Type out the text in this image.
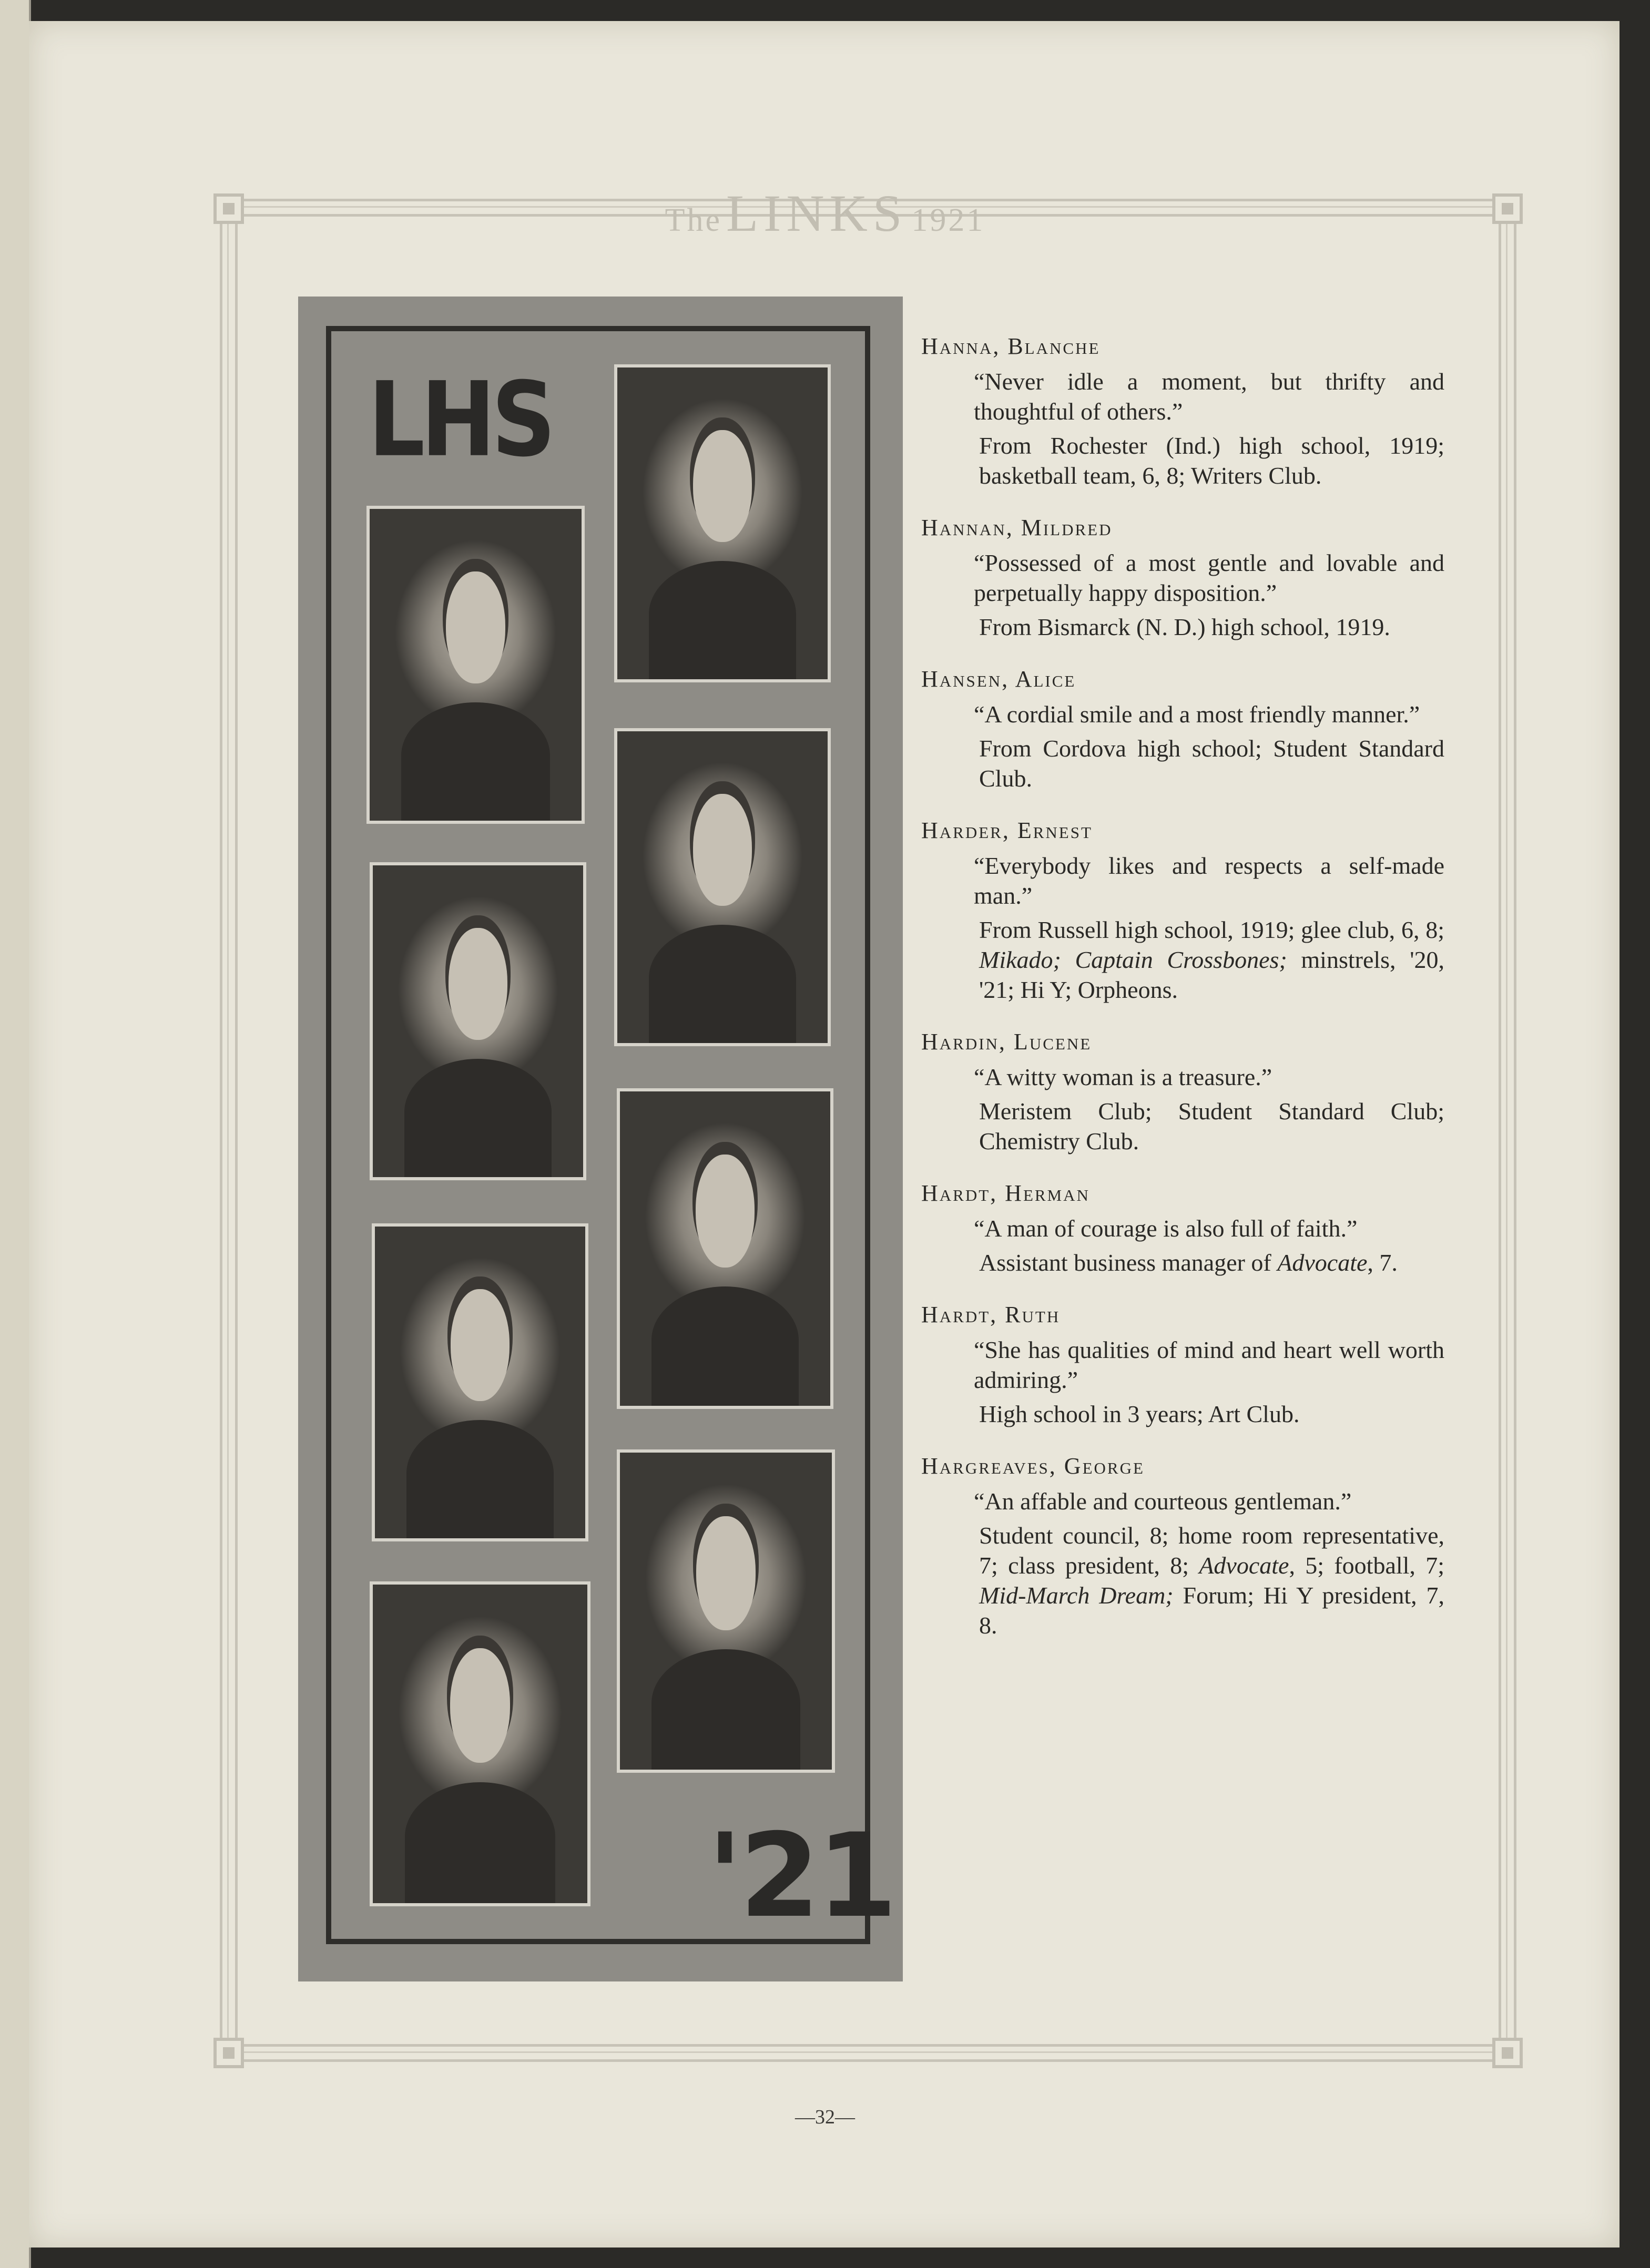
The LINKS 1921
LHS
'21
Hanna, Blanche
“Never idle a moment, but thrifty and thoughtful of others.”
From Rochester (Ind.) high school, 1919; basketball team, 6, 8; Writers Club.
Hannan, Mildred
“Possessed of a most gentle and lovable and perpetually happy disposition.”
From Bismarck (N. D.) high school, 1919.
Hansen, Alice
“A cordial smile and a most friendly manner.”
From Cordova high school; Student Standard Club.
Harder, Ernest
“Everybody likes and respects a self-made man.”
From Russell high school, 1919; glee club, 6, 8; Mikado; Captain Crossbones; minstrels, '20, '21; Hi Y; Orpheons.
Hardin, Lucene
“A witty woman is a treasure.”
Meristem Club; Student Standard Club; Chemistry Club.
Hardt, Herman
“A man of courage is also full of faith.”
Assistant business manager of Advocate, 7.
Hardt, Ruth
“She has qualities of mind and heart well worth admiring.”
High school in 3 years; Art Club.
Hargreaves, George
“An affable and courteous gentleman.”
Student council, 8; home room representative, 7; class president, 8; Advocate, 5; football, 7; Mid-March Dream; Forum; Hi Y president, 7, 8.
—32—
